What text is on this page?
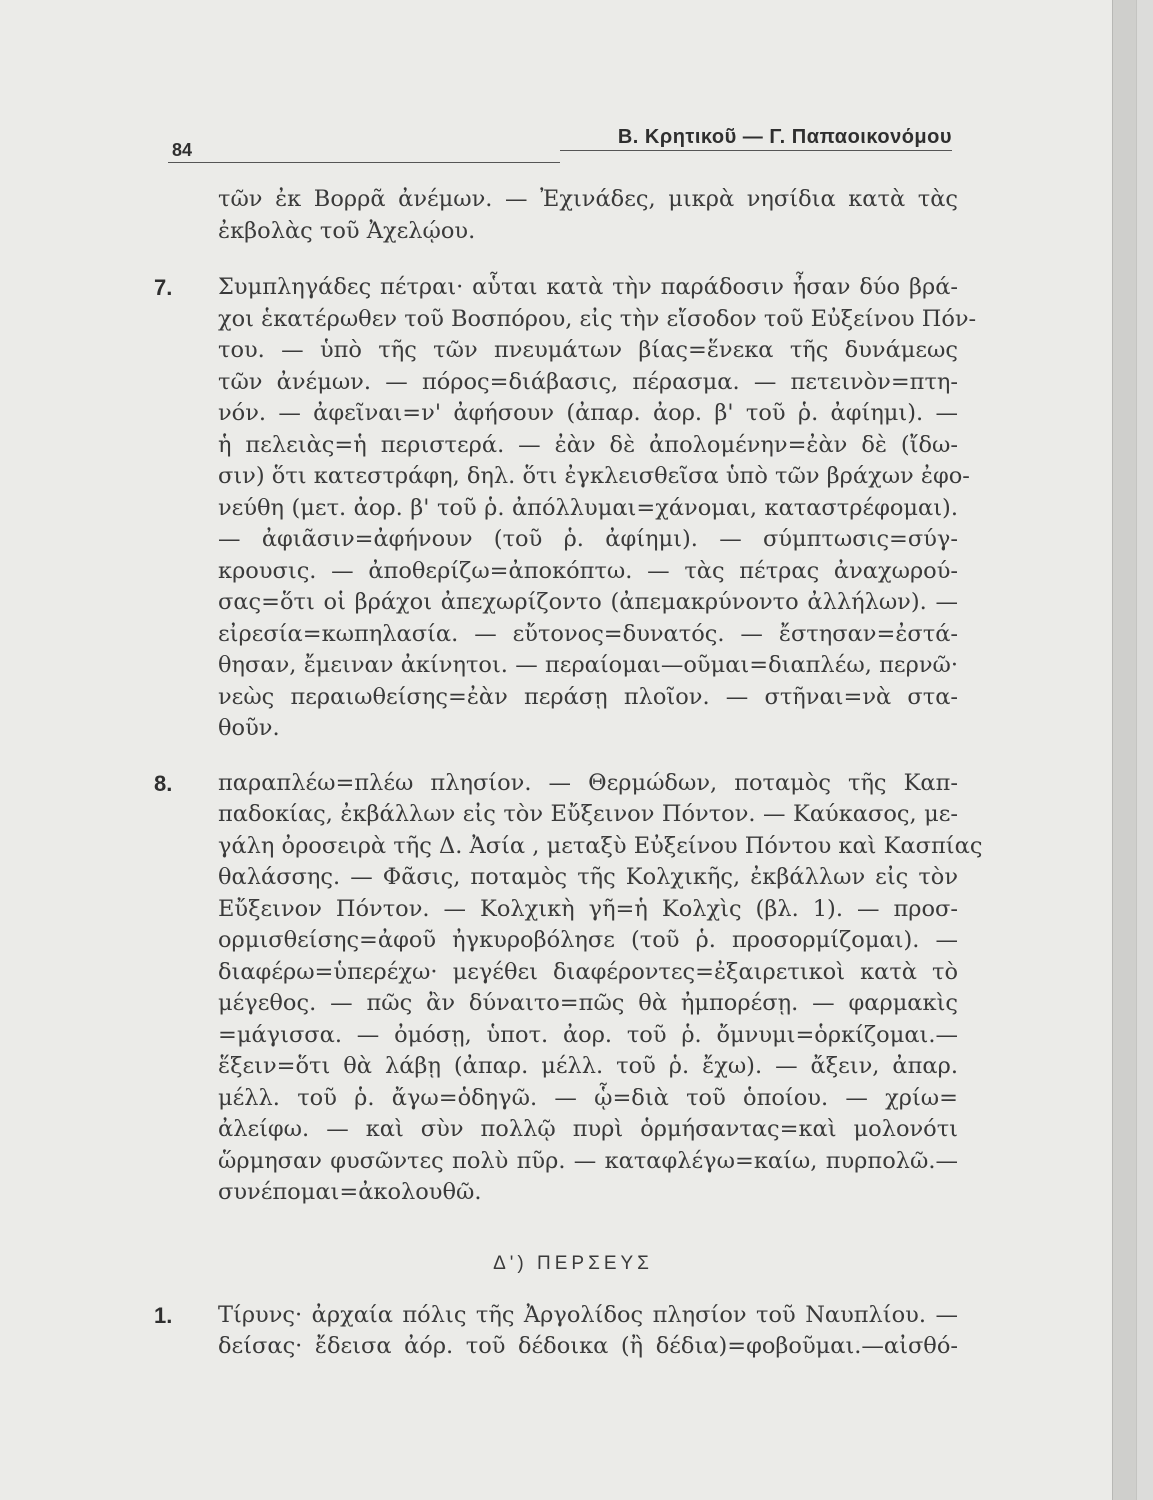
84
Β. Κρητικοῦ — Γ. Παπαοικονόμου
τῶν ἐκ Βορρᾶ ἀνέμων. — Ἐχινάδες, μικρὰ νησίδια κατὰ τὰς
ἐκβολὰς τοῦ Ἀχελῴου.
7. Συμπληγάδες πέτραι· αὗται κατὰ τὴν παράδοσιν ἦσαν δύο βρά-
χοι ἑκατέρωθεν τοῦ Βοσπόρου, εἰς τὴν εἴσοδον τοῦ Εὐξείνου Πόν-
του. — ὑπὸ τῆς τῶν πνευμάτων βίας=ἕνεκα τῆς δυνάμεως
τῶν ἀνέμων. — πόρος=διάβασις, πέρασμα. — πετεινὸν=πτη-
νόν. — ἀφεῖναι=ν' ἀφήσουν (ἀπαρ. ἀορ. β' τοῦ ῥ. ἀφίημι). —
ἡ πελειὰς=ἡ περιστερά. — ἐὰν δὲ ἀπολομένην=ἐὰν δὲ (ἴδω-
σιν) ὅτι κατεστράφη, δηλ. ὅτι ἐγκλεισθεῖσα ὑπὸ τῶν βράχων ἐφο-
νεύθη (μετ. ἀορ. β' τοῦ ῥ. ἀπόλλυμαι=χάνομαι, καταστρέφομαι).
— ἀφιᾶσιν=ἀφήνουν (τοῦ ῥ. ἀφίημι). — σύμπτωσις=σύγ-
κρουσις. — ἀποθερίζω=ἀποκόπτω. — τὰς πέτρας ἀναχωρού-
σας=ὅτι οἱ βράχοι ἀπεχωρίζοντο (ἀπεμακρύνοντο ἀλλήλων). —
εἰρεσία=κωπηλασία. — εὔτονος=δυνατός. — ἔστησαν=ἐστά-
θησαν, ἔμειναν ἀκίνητοι. — περαίομαι—οῦμαι=διαπλέω, περνῶ·
νεὼς περαιωθείσης=ἐὰν περάσῃ πλοῖον. — στῆναι=νὰ στα-
θοῦν.
8. παραπλέω=πλέω πλησίον. — Θερμώδων, ποταμὸς τῆς Καπ-
παδοκίας, ἐκβάλλων εἰς τὸν Εὔξεινον Πόντον. — Καύκασος, με-
γάλη ὀροσειρὰ τῆς Δ. Ἀσία , μεταξὺ Εὐξείνου Πόντου καὶ Κασπίας
θαλάσσης. — Φᾶσις, ποταμὸς τῆς Κολχικῆς, ἐκβάλλων εἰς τὸν
Εὔξεινον Πόντον. — Κολχικὴ γῆ=ἡ Κολχὶς (βλ. 1). — προσ-
ορμισθείσης=ἀφοῦ ἠγκυροβόλησε (τοῦ ῥ. προσορμίζομαι). —
διαφέρω=ὑπερέχω· μεγέθει διαφέροντες=ἐξαιρετικοὶ κατὰ τὸ
μέγεθος. — πῶς ἂν δύναιτο=πῶς θὰ ἠμπορέσῃ. — φαρμακὶς
=μάγισσα. — ὀμόσῃ, ὑποτ. ἀορ. τοῦ ῥ. ὄμνυμι=ὁρκίζομαι.—
ἕξειν=ὅτι θὰ λάβῃ (ἀπαρ. μέλλ. τοῦ ῥ. ἔχω). — ἄξειν, ἀπαρ.
μέλλ. τοῦ ῥ. ἄγω=ὁδηγῶ. — ᾧ=διὰ τοῦ ὁποίου. — χρίω=
ἀλείφω. — καὶ σὺν πολλῷ πυρὶ ὁρμήσαντας=καὶ μολονότι
ὥρμησαν φυσῶντες πολὺ πῦρ. — καταφλέγω=καίω, πυρπολῶ.—
συνέπομαι=ἀκολουθῶ.
Δ') ΠΕΡΣΕΥΣ
1. Τίρυνς· ἀρχαία πόλις τῆς Ἀργολίδος πλησίον τοῦ Ναυπλίου. —
δείσας· ἔδεισα ἀόρ. τοῦ δέδοικα (ἢ δέδια)=φοβοῦμαι.—αἰσθό-
